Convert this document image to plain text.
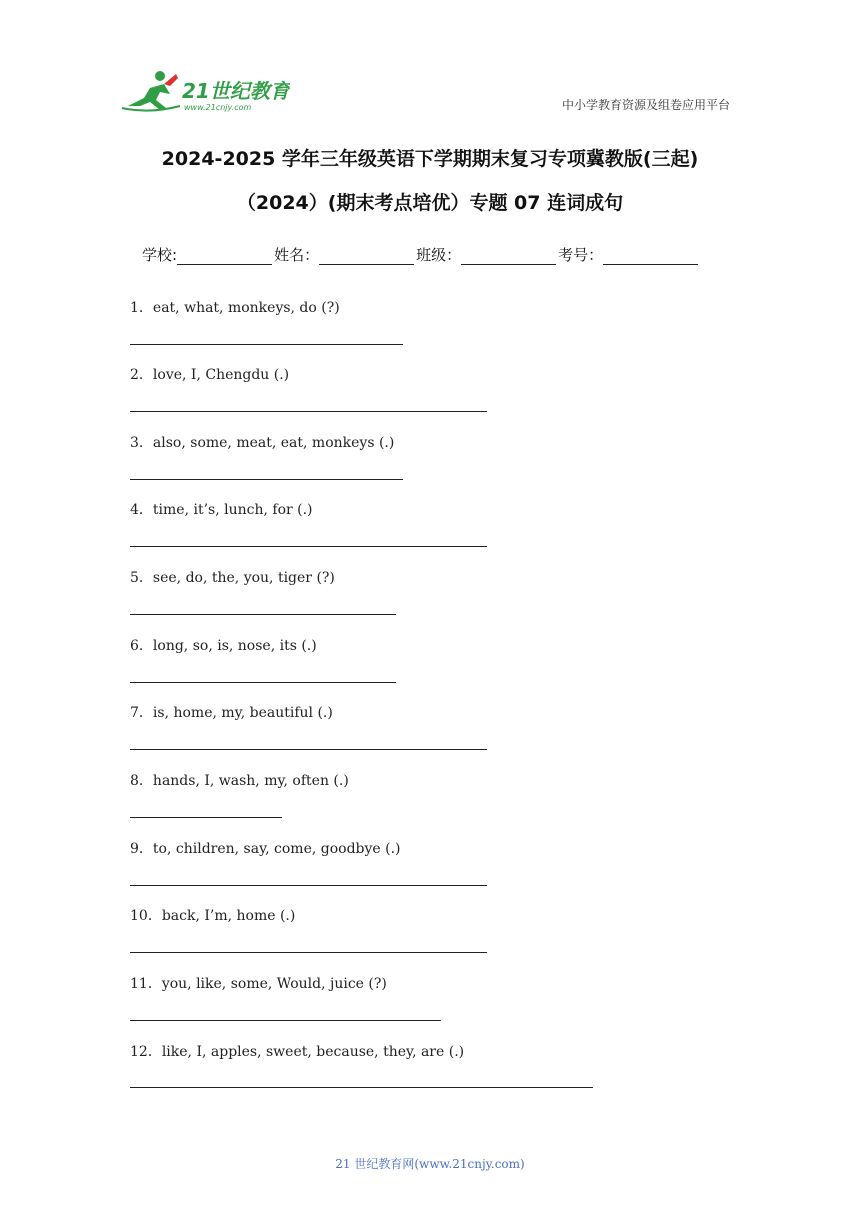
21世纪教育
www.21cnjy.com	中小学教育资源及组卷应用平台
2024-2025 学年三年级英语下学期期末复习专项冀教版(三起)
（2024）(期末考点培优）专题 07 连词成句
学校:	姓名：	班级：	考号：
1．eat, what, monkeys, do (?)
2．love, I, Chengdu (.)
3．also, some, meat, eat, monkeys (.)
4．time, it’s, lunch, for (.)
5．see, do, the, you, tiger (?)
6．long, so, is, nose, its (.)
7．is, home, my, beautiful (.)
8．hands, I, wash, my, often (.)
9．to, children, say, come, goodbye (.)
10．back, I’m, home (.)
11．you, like, some, Would, juice (?)
12．like, I, apples, sweet, because, they, are (.)
21 世纪教育网(www.21cnjy.com)
